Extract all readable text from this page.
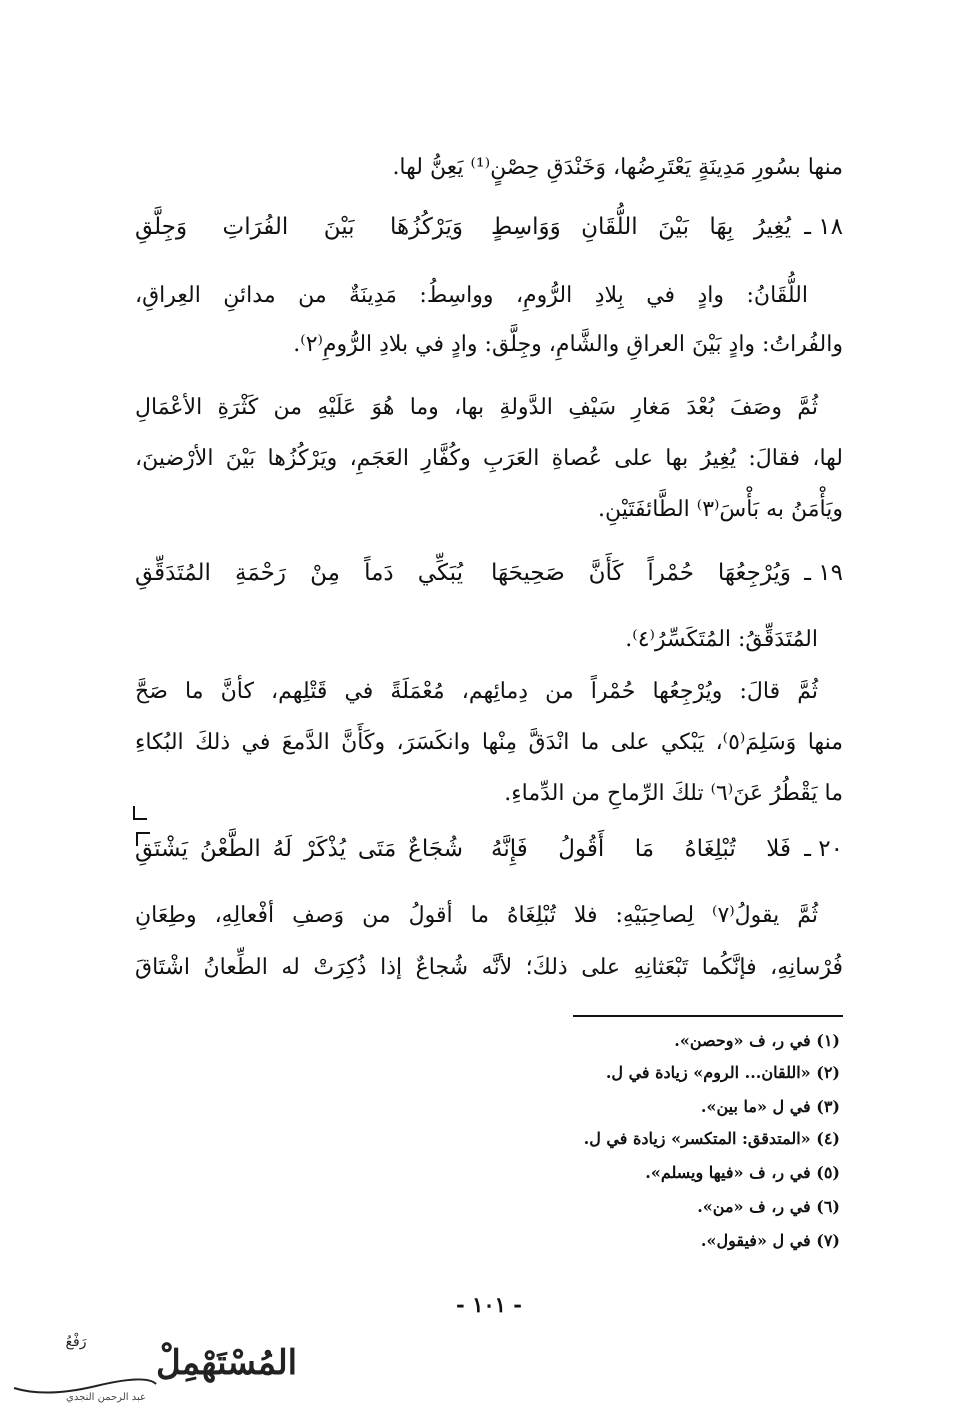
منها بسُورِ مَدِينَةٍ يَعْتَرِضُها، وَخَنْدَقِ حِصْنٍ⁽¹⁾ يَعِنُّ لها.
١٨ ـ
يُغِيرُ بِهَا بَيْنَ اللُّقَانِ وَوَاسِطٍ
وَيَرْكُزُهَا بَيْنَ الفُرَاتِ وَجِلَّقِ
اللُّقَانُ: وادٍ في بِلادِ الرُّومِ، وواسِطُ: مَدِينَةٌ من مدائنِ العِراقِ،
والفُراتُ: وادٍ بَيْنَ العراقِ والشَّامِ، وجِلَّق: وادٍ في بلادِ الرُّومِ⁽٢⁾.
ثُمَّ وصَفَ بُعْدَ مَغارِ سَيْفِ الدَّولةِ بها، وما هُوَ عَلَيْهِ من كَثْرَةِ الأعْمَالِ
لها، فقالَ: يُغِيرُ بها على عُصاةِ العَرَبِ وكُفَّارِ العَجَمِ، ويَرْكُزُها بَيْنَ الأرْضينَ،
ويَأْمَنُ به بَأْسَ⁽٣⁾ الطَّائفَتَيْنِ.
١٩ ـ
وَيُرْجِعُهَا حُمْراً كَأَنَّ صَحِيحَهَا
يُبَكِّي دَماً مِنْ رَحْمَةِ المُتَدَقِّقِ
المُتَدَقِّقُ: المُتَكَسِّرُ⁽٤⁾.
ثُمَّ قالَ: ويُرْجِعُها حُمْراً من دِمائِهم، مُعْمَلَةً في قَتْلِهم، كأنَّ ما صَحَّ
منها وَسَلِمَ⁽٥⁾، يَبْكي على ما انْدَقَّ مِنْها وانكَسَرَ، وكَأَنَّ الدَّمعَ في ذلكَ البُكاءِ
ما يَقْطُرُ عَنَ⁽٦⁾ تلكَ الرِّماحِ من الدِّماءِ.
٢٠ ـ
فَلا تُبْلِغَاهُ مَا أَقُولُ فَإِنَّهُ
شُجَاعٌ مَتَى يُذْكَرْ لَهُ الطَّعْنُ يَشْتَقِ
ثُمَّ يقولُ⁽٧⁾ لِصاحِبَيْهِ: فلا تُبْلِغَاهُ ما أقولُ من وَصفِ أفْعالِهِ، وطِعَانِ
فُرْسانِهِ، فإنَّكُما تَبْعَثانِهِ على ذلكَ؛ لأنَّه شُجاعٌ إذا ذُكِرَتْ له الطِّعانُ اشْتَاقَ
(١) في ر، ف «وحصن».
(٢) «اللقان... الروم» زيادة في ل.
(٣) في ل «ما بين».
(٤) «المتدقق: المتكسر» زيادة في ل.
(٥) في ر، ف «فيها ويسلم».
(٦) في ر، ف «من».
(٧) في ل «فيقول».
- ١٠١ -
المُسْتَهْمِلْ
رَفْعُ
عبد الرحمن النجدي
